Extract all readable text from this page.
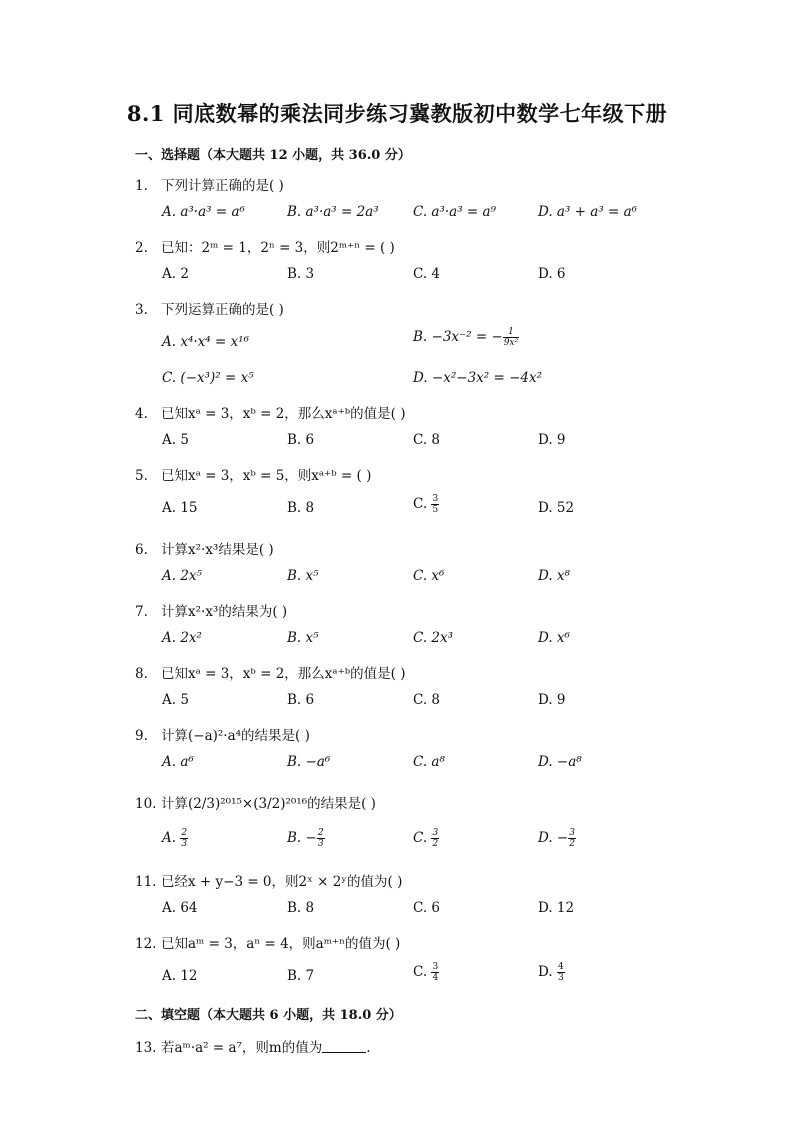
8.1 同底数幂的乘法同步练习冀教版初中数学七年级下册
一、选择题（本大题共 12 小题，共 36.0 分）
1. 下列计算正确的是( )
A. a³·a³ = a⁶	B. a³·a³ = 2a³	C. a³·a³ = a⁹	D. a³ + a³ = a⁶
2. 已知：2ᵐ = 1，2ⁿ = 3，则2ᵐ⁺ⁿ = ( )
A. 2	B. 3	C. 4	D. 6
3. 下列运算正确的是( )
A. x⁴·x⁴ = x¹⁶	B. −3x⁻² = − $\frac{1}{\text{9x²}}$
C. (−x³)² = x⁵	D. −x²−3x² = −4x²
4. 已知xᵃ = 3，xᵇ = 2，那么xᵃ⁺ᵇ的值是( )
A. 5	B. 6	C. 8	D. 9
5. 已知xᵃ = 3，xᵇ = 5，则xᵃ⁺ᵇ = ( )
A. 15	B. 8	C. $\frac{3}{5}$	D. 52
6. 计算x²·x³结果是( )
A. 2x⁵	B. x⁵	C. x⁶	D. x⁸
7. 计算x²·x³的结果为( )
A. 2x²	B. x⁵	C. 2x³	D. x⁶
8. 已知xᵃ = 3，xᵇ = 2，那么xᵃ⁺ᵇ的值是( )
A. 5	B. 6	C. 8	D. 9
9. 计算(−a)²·a⁴的结果是( )
A. a⁶	B. −a⁶	C. a⁸	D. −a⁸
10. 计算(2/3)²⁰¹⁵×(3/2)²⁰¹⁶的结果是( )
A. $\frac{2}{3}$	B. − $\frac{2}{3}$	C. $\frac{3}{2}$	D. − $\frac{3}{2}$
11. 已经x + y−3 = 0，则2ˣ × 2ʸ的值为( )
A. 64	B. 8	C. 6	D. 12
12. 已知aᵐ = 3，aⁿ = 4，则aᵐ⁺ⁿ的值为( )
A. 12	B. 7	C. $\frac{3}{4}$	D. $\frac{4}{3}$
二、填空题（本大题共 6 小题，共 18.0 分）
13. 若aᵐ·a² = a⁷，则m的值为	.
